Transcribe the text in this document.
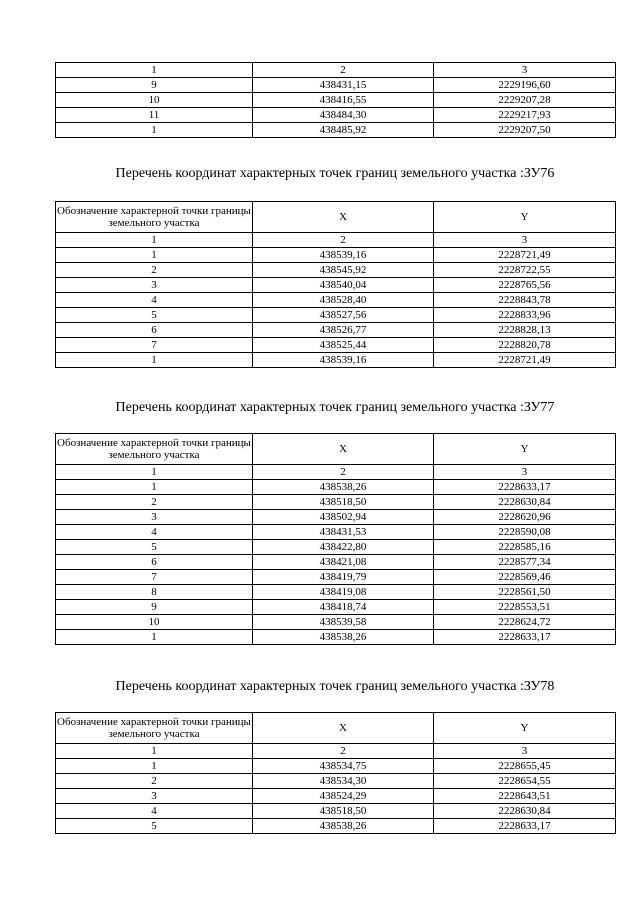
1	2	3
9	438431,15	2229196,60
10	438416,55	2229207,28
11	438484,30	2229217,93
1	438485,92	2229207,50
Перечень координат характерных точек границ земельного участка :ЗУ76
Обозначение характерной точки границы земельного участка	X	Y
1	2	3
1	438539,16	2228721,49
2	438545,92	2228722,55
3	438540,04	2228765,56
4	438528,40	2228843,78
5	438527,56	2228833,96
6	438526,77	2228828,13
7	438525,44	2228820,78
1	438539,16	2228721,49
Перечень координат характерных точек границ земельного участка :ЗУ77
Обозначение характерной точки границы земельного участка	X	Y
1	2	3
1	438538,26	2228633,17
2	438518,50	2228630,84
3	438502,94	2228620,96
4	438431,53	2228590,08
5	438422,80	2228585,16
6	438421,08	2228577,34
7	438419,79	2228569,46
8	438419,08	2228561,50
9	438418,74	2228553,51
10	438539,58	2228624,72
1	438538,26	2228633,17
Перечень координат характерных точек границ земельного участка :ЗУ78
Обозначение характерной точки границы земельного участка	X	Y
1	2	3
1	438534,75	2228655,45
2	438534,30	2228654,55
3	438524,29	2228643,51
4	438518,50	2228630,84
5	438538,26	2228633,17
